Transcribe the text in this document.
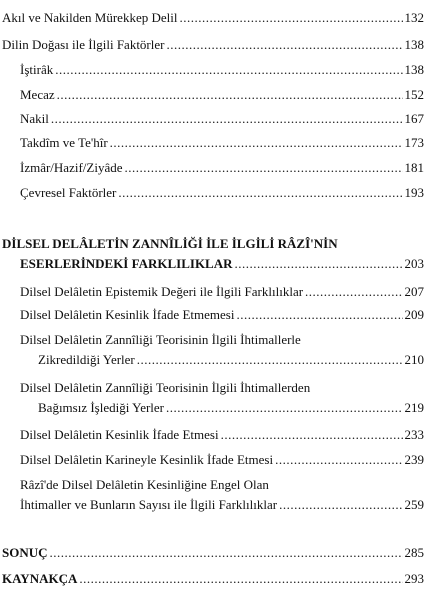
Akıl ve Nakilden Mürekkep Delil .....	132
Dilin Doğası ile İlgili Faktörler .....	138
İştirâk .....	138
Mecaz .....	152
Nakil .....	167
Takdîm ve Te'hîr .....	173
İzmâr/Hazif/Ziyâde .....	181
Çevresel Faktörler .....	193
DİLSEL DELÂLETİN ZANNÎLİĞİ İLE İLGİLİ RÂZÎ'NİN
ESERLERİNDEKİ FARKLILIKLAR .....	203
Dilsel Delâletin Epistemik Değeri ile İlgili Farklılıklar .....	207
Dilsel Delâletin Kesinlik İfade Etmemesi .....	209
Dilsel Delâletin Zannîliği Teorisinin İlgili İhtimallerle
Zikredildiği Yerler .....	210
Dilsel Delâletin Zannîliği Teorisinin İlgili İhtimallerden
Bağımsız İşlediği Yerler .....	219
Dilsel Delâletin Kesinlik İfade Etmesi .....	233
Dilsel Delâletin Karineyle Kesinlik İfade Etmesi .....	239
Râzî'de Dilsel Delâletin Kesinliğine Engel Olan
İhtimaller ve Bunların Sayısı ile İlgili Farklılıklar .....	259
SONUÇ .....	285
KAYNAKÇA .....	293
